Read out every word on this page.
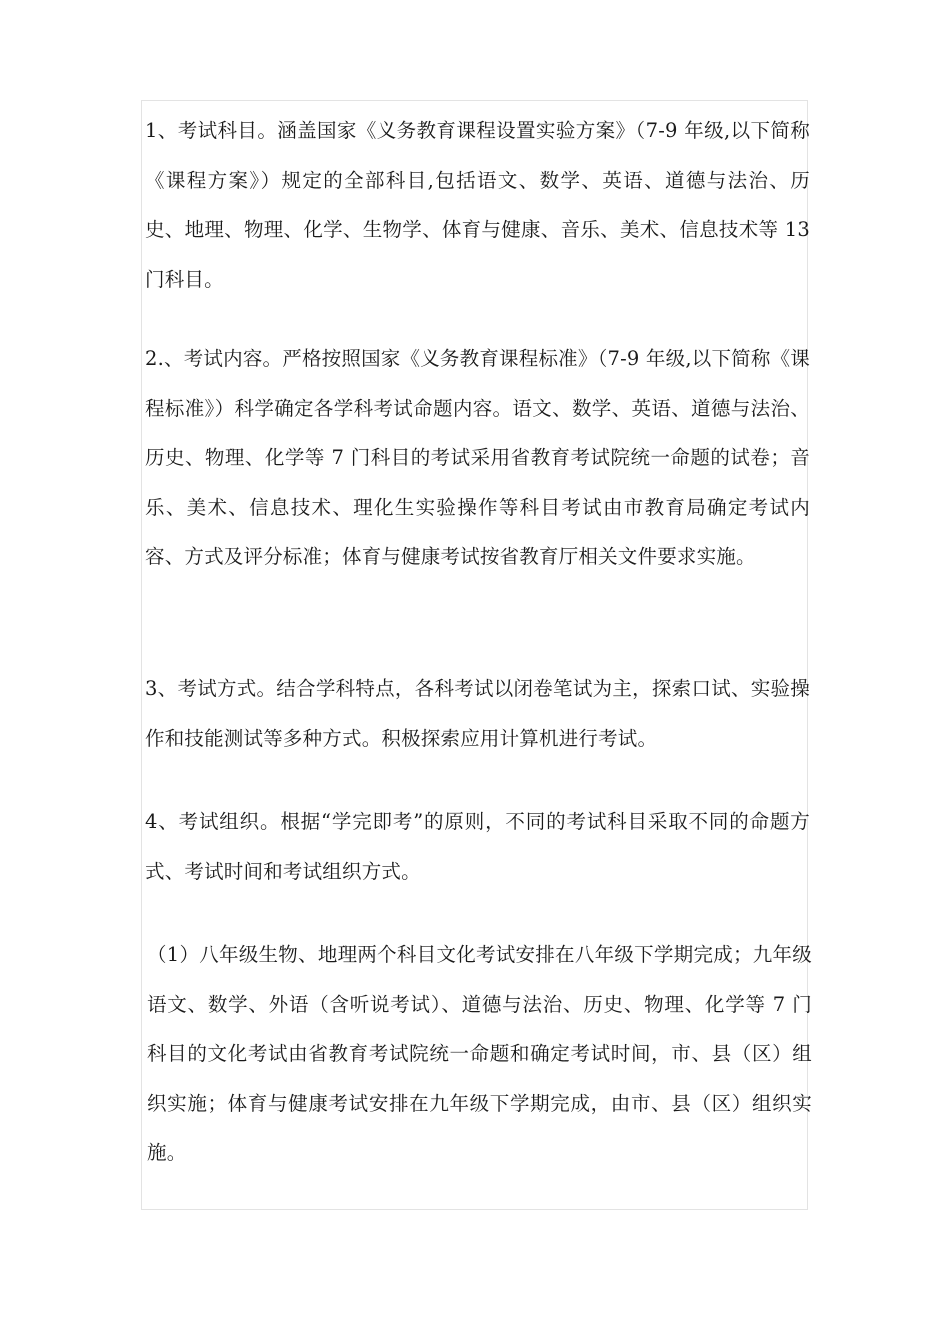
1、考试科目。涵盖国家《义务教育课程设置实验方案》（7-9 年级,以下简称《课程方案》）规定的全部科目,包括语文、数学、英语、道德与法治、历史、地理、物理、化学、生物学、体育与健康、音乐、美术、信息技术等 13 门科目。

2.、考试内容。严格按照国家《义务教育课程标准》（7-9 年级,以下简称《课程标准》）科学确定各学科考试命题内容。语文、数学、英语、道德与法治、历史、物理、化学等 7 门科目的考试采用省教育考试院统一命题的试卷；音乐、美术、信息技术、理化生实验操作等科目考试由市教育局确定考试内容、方式及评分标准；体育与健康考试按省教育厅相关文件要求实施。

3、考试方式。结合学科特点，各科考试以闭卷笔试为主，探索口试、实验操作和技能测试等多种方式。积极探索应用计算机进行考试。

4、考试组织。根据“学完即考”的原则，不同的考试科目采取不同的命题方式、考试时间和考试组织方式。

（1）八年级生物、地理两个科目文化考试安排在八年级下学期完成；九年级语文、数学、外语（含听说考试）、道德与法治、历史、物理、化学等 7 门科目的文化考试由省教育考试院统一命题和确定考试时间，市、县（区）组织实施；体育与健康考试安排在九年级下学期完成，由市、县（区）组织实施。
